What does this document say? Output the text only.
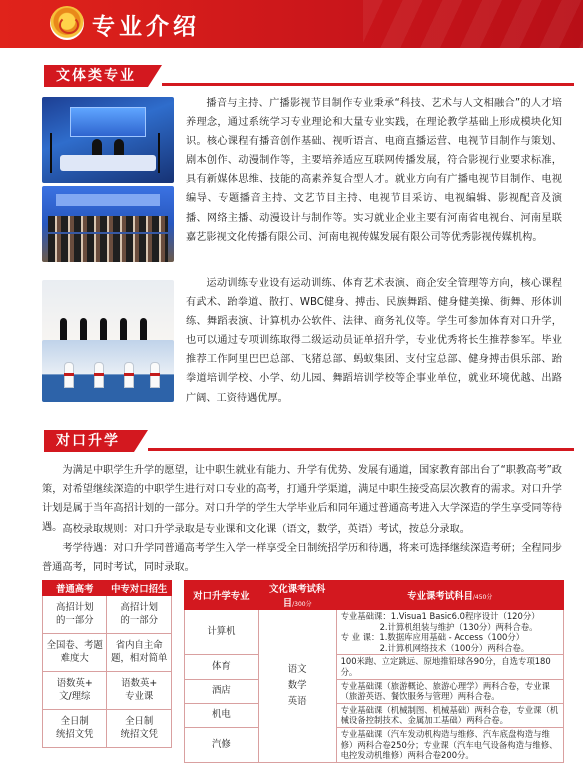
专业介绍
文体类专业
播音与主持、广播影视节目制作专业秉承“科技、艺术与人文相融合”的人才培养理念，通过系统学习专业理论和大量专业实践，在理论教学基础上形成模块化知识。核心课程有播音创作基础、视听语言、电商直播运营、电视节目制作与策划、剧本创作、动漫制作等，主要培养适应互联网传播发展，符合影视行业要求标准，具有新媒体思维、技能的高素养复合型人才。就业方向有广播电视节目制作、电视编导、专题播音主持、文艺节目主持、电视节目采访、电视编辑、影视配音及演播、网络主播、动漫设计与制作等。实习就业企业主要有河南省电视台、河南星联嘉艺影视文化传播有限公司、河南电视传媒发展有限公司等优秀影视传媒机构。
运动训练专业设有运动训练、体育艺术表演、商企安全管理等方向，核心课程有武术、跆拳道、散打、WBC健身、搏击、民族舞蹈、健身健美操、街舞、形体训练、舞蹈表演、计算机办公软件、法律、商务礼仪等。学生可参加体育对口升学，也可以通过专项训练取得二级运动员证单招升学，专业优秀将长生推荐参军。毕业推荐工作阿里巴巴总部、飞猪总部、蚂蚁集团、支付宝总部、健身搏击俱乐部、跆拳道培训学校、小学、幼儿园、舞蹈培训学校等企事业单位，就业环境优越、出路广阔、工资待遇优厚。
对口升学
为满足中职学生升学的愿望，让中职生就业有能力、升学有优势、发展有通道，国家教育部出台了“职教高考”政策，对希望继续深造的中职学生进行对口专业的高考，打通升学渠道，满足中职生接受高层次教育的需求。对口升学计划是属于当年高招计划的一部分。对口升学的学生大学毕业后和同年通过普通高考进入大学深造的学生享受同等待遇。 高校录取规则：对口升学录取是专业课和文化课（语文，数学，英语）考试，按总分录取。
考学待遇：对口升学同普通高考学生入学一样享受全日制统招学历和待遇，将来可选择继续深造考研；全程同步普通高考，同时考试，同时录取。
普通高考	中专对口招生

高招计划
的一部分	高招计划
的一部分

全国卷、考题
难度大	省内自主命
题，相对简单

语数英+
文/理综	语数英+
专业课

全日制
统招文凭	全日制
统招文凭
对口升学专业	文化课考试科目/300分	专业课考试科目/450分
计算机	语文
数学
英语	专业基础课：1.Visua1 Basic6.0程序设计（120分）
2.计算机组装与维护（130分）两科合卷。
专 业 课：1.数据库应用基础 - Access（100分）
2.计算机网络技术（100分）两科合卷。

体育		100米跑、立定跳远、原地推铅球各90分，自选专项180分。
酒店		专业基础课（旅游概论、旅游心理学）两科合卷，专业课（旅游英语、餐饮服务与管理）两科合卷。
机电		专业基础课（机械制图、机械基础）两科合卷，专业课（机械设备控制技术、金属加工基础）两科合卷。
汽修		专业基础课（汽车发动机构造与维修、汽车底盘构造与维修）两科合卷250分；专业课（汽车电气设备构造与维修、电控发动机维修）两科合卷200分。
